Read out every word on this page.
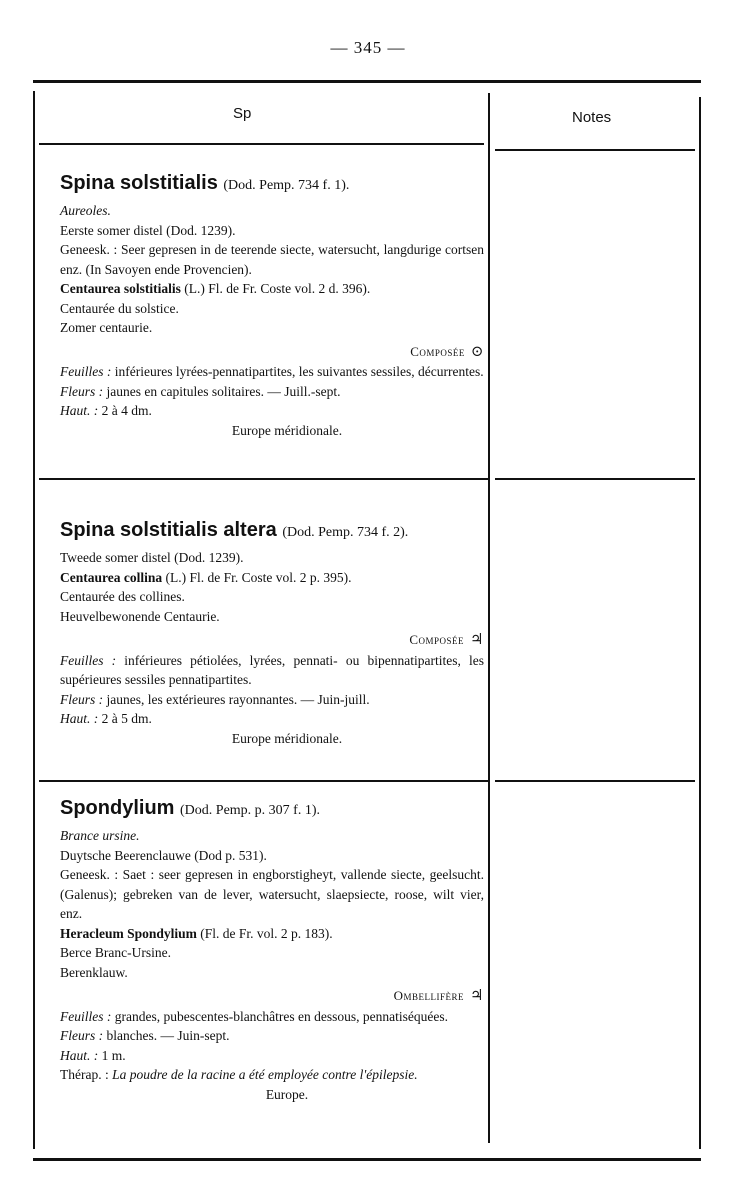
— 345 —
Sp	Notes
Spina solstitialis (Dod. Pemp. 734 f. 1).
Aureoles.
Eerste somer distel (Dod. 1239).
Geneesk. : Seer gepresen in de teerende siecte, watersucht, langdurige cortsen enz. (In Savoyen ende Provencien).
Centaurea solstitialis (L.) Fl. de Fr. Coste vol. 2 d. 396).
Centaurée du solstice.
Zomer centaurie.
Composée ⊙
Feuilles : inférieures lyrées-pennatipartites, les suivantes sessiles, décurrentes.
Fleurs : jaunes en capitules solitaires. — Juill.-sept.
Haut. : 2 à 4 dm.
Europe méridionale.
Spina solstitialis altera (Dod. Pemp. 734 f. 2).
Tweede somer distel (Dod. 1239).
Centaurea collina (L.) Fl. de Fr. Coste vol. 2 p. 395).
Centaurée des collines.
Heuvelbewonende Centaurie.
Composée ♃
Feuilles : inférieures pétiolées, lyrées, pennati- ou bipennatipartites, les supérieures sessiles pennatipartites.
Fleurs : jaunes, les extérieures rayonnantes. — Juin-juill.
Haut. : 2 à 5 dm.
Europe méridionale.
Spondylium (Dod. Pemp. p. 307 f. 1).
Brance ursine.
Duytsche Beerenclauwe (Dod p. 531).
Geneesk. : Saet : seer gepresen in engborstigheyt, vallende siecte, geelsucht. (Galenus); gebreken van de lever, watersucht, slaepsiecte, roose, wilt vier, enz.
Heracleum Spondylium (Fl. de Fr. vol. 2 p. 183).
Berce Branc-Ursine.
Berenklauw.
Ombellifère ♃
Feuilles : grandes, pubescentes-blanchâtres en dessous, pennatiséquées.
Fleurs : blanches. — Juin-sept.
Haut. : 1 m.
Thérap. : La poudre de la racine a été employée contre l'épilepsie.
Europe.
